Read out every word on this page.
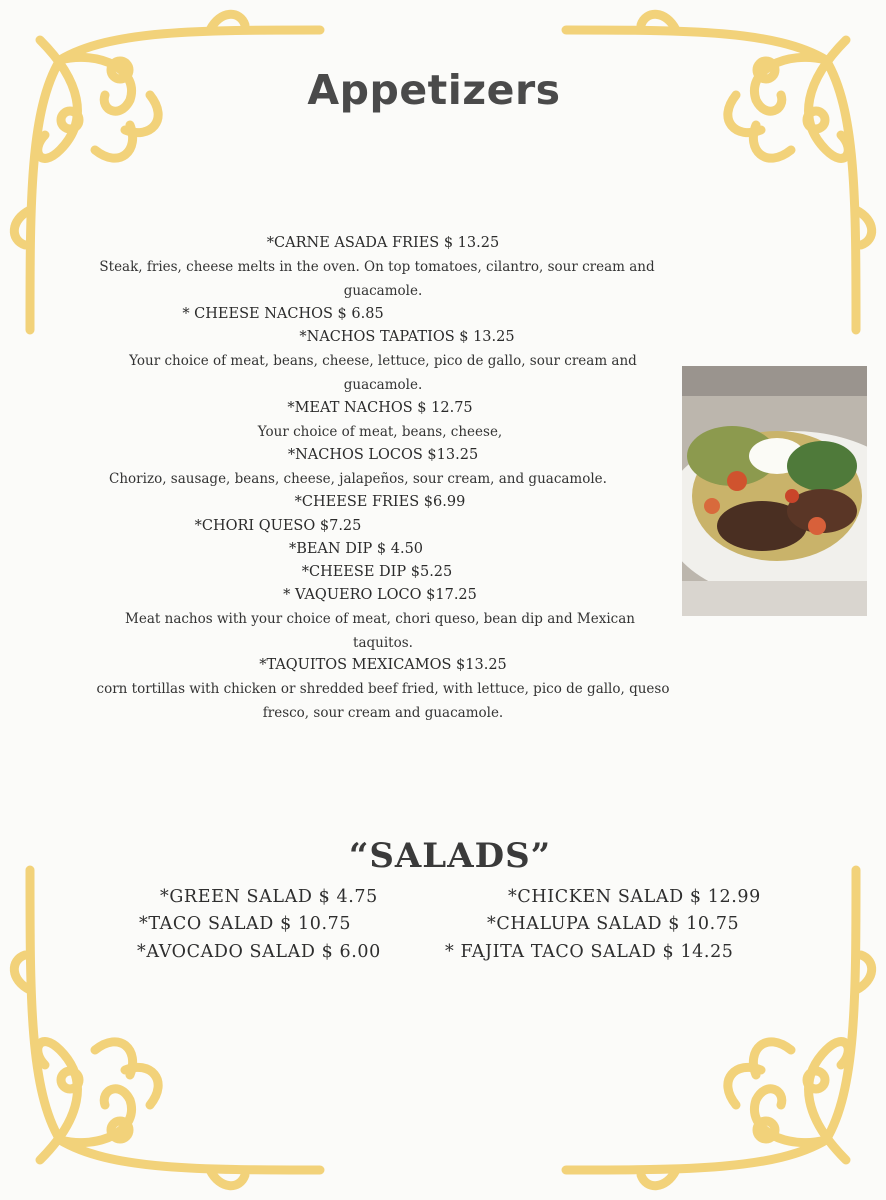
Appetizers
*CARNE ASADA FRIES $ 13.25
Steak, fries, cheese melts in the oven. On top tomatoes, cilantro, sour cream and
guacamole.
* CHEESE NACHOS $ 6.85
*NACHOS TAPATIOS $ 13.25
Your choice of meat, beans, cheese, lettuce, pico de gallo, sour cream and
guacamole.
*MEAT NACHOS $ 12.75
Your choice of meat, beans, cheese,
*NACHOS LOCOS $13.25
Chorizo, sausage, beans, cheese, jalapeños, sour cream, and guacamole.
*CHEESE FRIES $6.99
*CHORI QUESO $7.25
*BEAN DIP $ 4.50
*CHEESE DIP $5.25
* VAQUERO LOCO $17.25
Meat nachos with your choice of meat, chori queso, bean dip and Mexican
taquitos.
*TAQUITOS MEXICAMOS $13.25
corn tortillas with chicken or shredded beef fried, with lettuce, pico de gallo, queso
fresco, sour cream and guacamole.
“SALADS”
*GREEN SALAD $ 4.75
*TACO SALAD $ 10.75
*AVOCADO SALAD $ 6.00
*CHICKEN SALAD $ 12.99
*CHALUPA SALAD $ 10.75
* FAJITA TACO SALAD $ 14.25
